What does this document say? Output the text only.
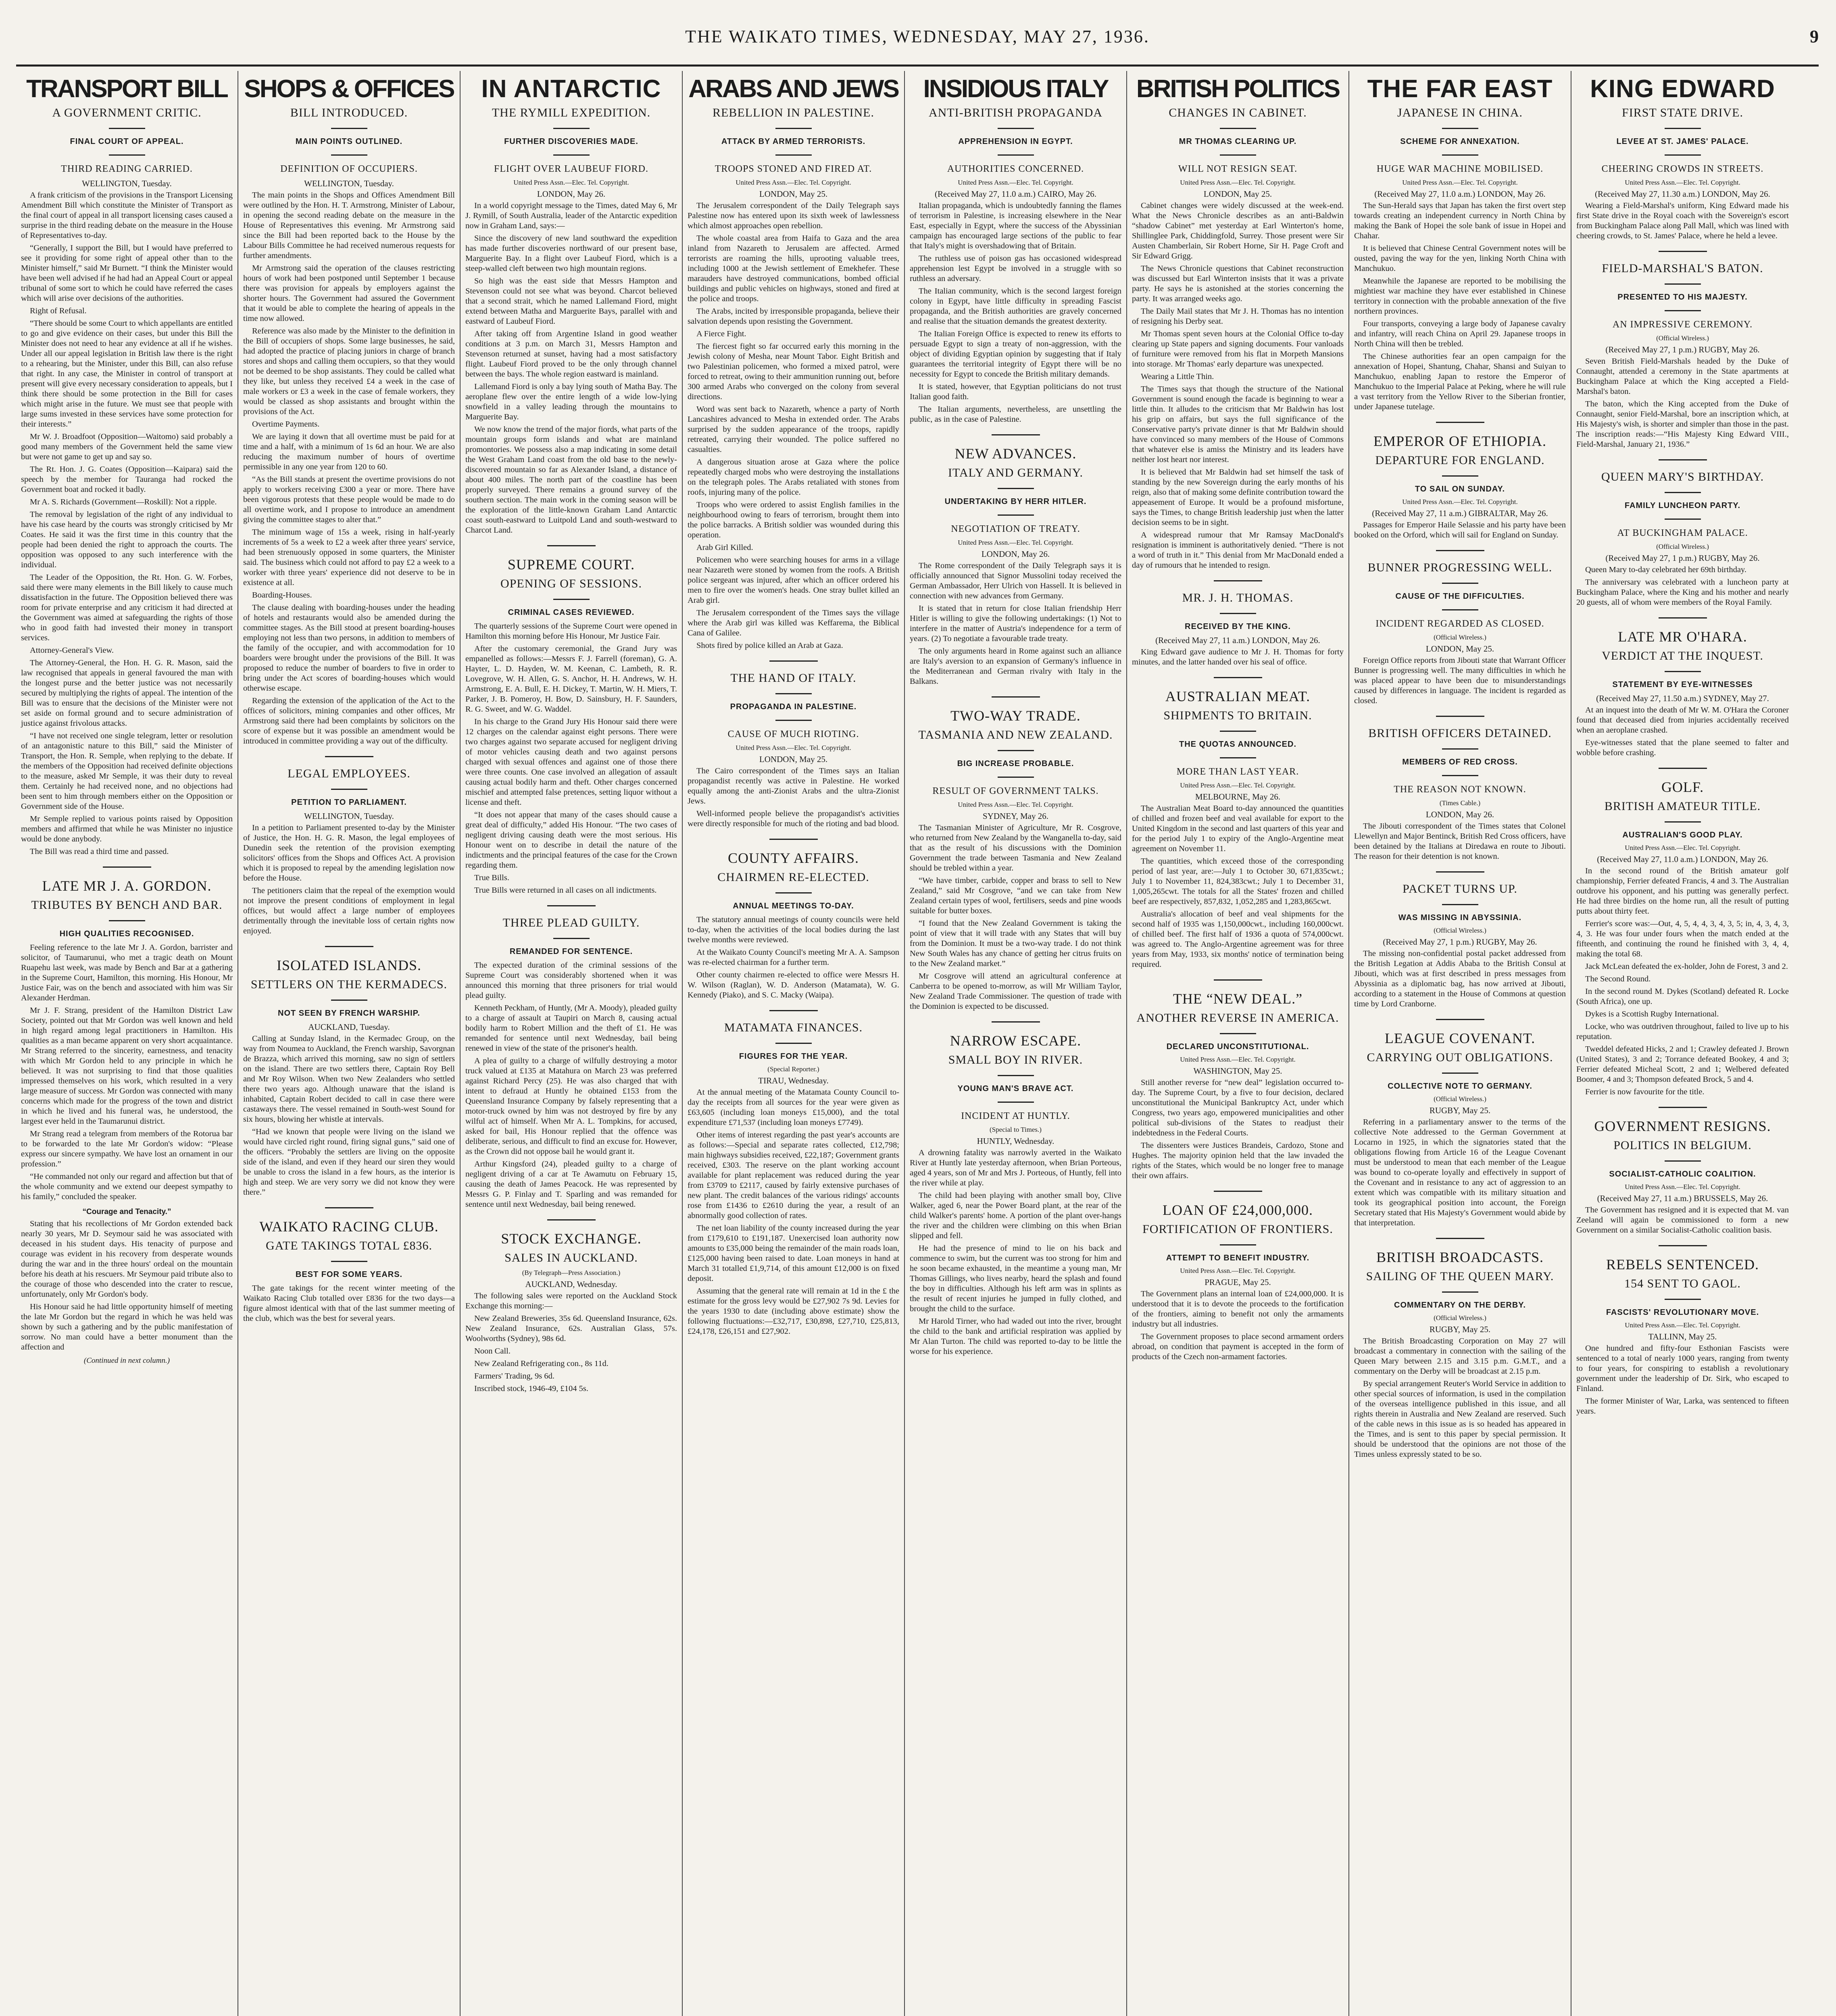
THE WAIKATO TIMES, WEDNESDAY, MAY 27, 1936.	9
TRANSPORT BILL
A GOVERNMENT CRITIC.
FINAL COURT OF APPEAL.
THIRD READING CARRIED.
WELLINGTON, Tuesday.

A frank criticism of the provisions in the Transport Licensing Amendment Bill which constitute the Minister of Transport as the final court of appeal in all transport licensing cases caused a surprise in the third reading debate on the measure in the House of Representatives to-day.

“Generally, I support the Bill, but I would have preferred to see it providing for some right of appeal other than to the Minister himself,” said Mr Burnett. “I think the Minister would have been well advised if he had had an Appeal Court or appeal tribunal of some sort to which he could have referred the cases which will arise over decisions of the authorities.

Right of Refusal.

“There should be some Court to which appellants are entitled to go and give evidence on their cases, but under this Bill the Minister does not need to hear any evidence at all if he wishes. Under all our appeal legislation in British law there is the right to a rehearing, but the Minister, under this Bill, can also refuse that right. In any case, the Minister in control of transport at present will give every necessary consideration to appeals, but I think there should be some protection in the Bill for cases which might arise in the future. We must see that people with large sums invested in these services have some protection for their interests.”

Mr W. J. Broadfoot (Opposition—Waitomo) said probably a good many members of the Government held the same view but were not game to get up and say so.

The Rt. Hon. J. G. Coates (Opposition—Kaipara) said the speech by the member for Tauranga had rocked the Government boat and rocked it badly.

Mr A. S. Richards (Government—Roskill): Not a ripple.

The removal by legislation of the right of any individual to have his case heard by the courts was strongly criticised by Mr Coates. He said it was the first time in this country that the people had been denied the right to approach the courts. The opposition was opposed to any such interference with the individual.

The Leader of the Opposition, the Rt. Hon. G. W. Forbes, said there were many elements in the Bill likely to cause much dissatisfaction in the future. The Opposition believed there was room for private enterprise and any criticism it had directed at the Government was aimed at safeguarding the rights of those who in good faith had invested their money in transport services.

Attorney-General's View.

The Attorney-General, the Hon. H. G. R. Mason, said the law recognised that appeals in general favoured the man with the longest purse and the better justice was not necessarily secured by multiplying the rights of appeal. The intention of the Bill was to ensure that the decisions of the Minister were not set aside on formal ground and to secure administration of justice against frivolous attacks.

“I have not received one single telegram, letter or resolution of an antagonistic nature to this Bill,” said the Minister of Transport, the Hon. R. Semple, when replying to the debate. If the members of the Opposition had received definite objections to the measure, asked Mr Semple, it was their duty to reveal them. Certainly he had received none, and no objections had been sent to him through members either on the Opposition or Government side of the House.

Mr Semple replied to various points raised by Opposition members and affirmed that while he was Minister no injustice would be done anybody.

The Bill was read a third time and passed.

LATE MR J. A. GORDON.
TRIBUTES BY BENCH AND BAR.
HIGH QUALITIES RECOGNISED.

Feeling reference to the late Mr J. A. Gordon, barrister and solicitor, of Taumarunui, who met a tragic death on Mount Ruapehu last week, was made by Bench and Bar at a gathering in the Supreme Court, Hamilton, this morning. His Honour, Mr Justice Fair, was on the bench and associated with him was Sir Alexander Herdman.

Mr J. F. Strang, president of the Hamilton District Law Society, pointed out that Mr Gordon was well known and held in high regard among legal practitioners in Hamilton. His qualities as a man became apparent on very short acquaintance. Mr Strang referred to the sincerity, earnestness, and tenacity with which Mr Gordon held to any principle in which he believed. It was not surprising to find that those qualities impressed themselves on his work, which resulted in a very large measure of success. Mr Gordon was connected with many concerns which made for the progress of the town and district in which he lived and his funeral was, he understood, the largest ever held in the Taumarunui district.

Mr Strang read a telegram from members of the Rotorua bar to be forwarded to the late Mr Gordon's widow: “Please express our sincere sympathy. We have lost an ornament in our profession.”

“He commanded not only our regard and affection but that of the whole community and we extend our deepest sympathy to his family,” concluded the speaker.

“Courage and Tenacity.”

Stating that his recollections of Mr Gordon extended back nearly 30 years, Mr D. Seymour said he was associated with deceased in his student days. His tenacity of purpose and courage was evident in his recovery from desperate wounds during the war and in the three hours' ordeal on the mountain before his death at his rescuers. Mr Seymour paid tribute also to the courage of those who descended into the crater to rescue, unfortunately, only Mr Gordon's body.

His Honour said he had little opportunity himself of meeting the late Mr Gordon but the regard in which he was held was shown by such a gathering and by the public manifestation of sorrow. No man could have a better monument than the affection and

(Continued in next column.)
SHOPS & OFFICES
BILL INTRODUCED.
MAIN POINTS OUTLINED.
DEFINITION OF OCCUPIERS.
WELLINGTON, Tuesday.

The main points in the Shops and Offices Amendment Bill were outlined by the Hon. H. T. Armstrong, Minister of Labour, in opening the second reading debate on the measure in the House of Representatives this evening. Mr Armstrong said since the Bill had been reported back to the House by the Labour Bills Committee he had received numerous requests for further amendments.

Mr Armstrong said the operation of the clauses restricting hours of work had been postponed until September 1 because there was provision for appeals by employers against the shorter hours. The Government had assured the Government that it would be able to complete the hearing of appeals in the time now allowed.

Reference was also made by the Minister to the definition in the Bill of occupiers of shops. Some large businesses, he said, had adopted the practice of placing juniors in charge of branch stores and shops and calling them occupiers, so that they would not be deemed to be shop assistants. They could be called what they like, but unless they received £4 a week in the case of male workers or £3 a week in the case of female workers, they would be classed as shop assistants and brought within the provisions of the Act.

Overtime Payments.

We are laying it down that all overtime must be paid for at time and a half, with a minimum of 1s 6d an hour. We are also reducing the maximum number of hours of overtime permissible in any one year from 120 to 60.

“As the Bill stands at present the overtime provisions do not apply to workers receiving £300 a year or more. There have been vigorous protests that these people would be made to do all overtime work, and I propose to introduce an amendment giving the committee stages to alter that.”

The minimum wage of 15s a week, rising in half-yearly increments of 5s a week to £2 a week after three years' service, had been strenuously opposed in some quarters, the Minister said. The business which could not afford to pay £2 a week to a worker with three years' experience did not deserve to be in existence at all.

Boarding-Houses.

The clause dealing with boarding-houses under the heading of hotels and restaurants would also be amended during the committee stages. As the Bill stood at present boarding-houses employing not less than two persons, in addition to members of the family of the occupier, and with accommodation for 10 boarders were brought under the provisions of the Bill. It was proposed to reduce the number of boarders to five in order to bring under the Act scores of boarding-houses which would otherwise escape.

Regarding the extension of the application of the Act to the offices of solicitors, mining companies and other offices, Mr Armstrong said there had been complaints by solicitors on the score of expense but it was possible an amendment would be introduced in committee providing a way out of the difficulty.

LEGAL EMPLOYEES.
PETITION TO PARLIAMENT.
WELLINGTON, Tuesday.

In a petition to Parliament presented to-day by the Minister of Justice, the Hon. H. G. R. Mason, the legal employees of Dunedin seek the retention of the provision exempting solicitors' offices from the Shops and Offices Act. A provision which it is proposed to repeal by the amending legislation now before the House.

The petitioners claim that the repeal of the exemption would not improve the present conditions of employment in legal offices, but would affect a large number of employees detrimentally through the inevitable loss of certain rights now enjoyed.

ISOLATED ISLANDS.
SETTLERS ON THE KERMADECS.
NOT SEEN BY FRENCH WARSHIP.
AUCKLAND, Tuesday.

Calling at Sunday Island, in the Kermadec Group, on the way from Noumea to Auckland, the French warship, Savorgnan de Brazza, which arrived this morning, saw no sign of settlers on the island. There are two settlers there, Captain Roy Bell and Mr Roy Wilson. When two New Zealanders who settled there two years ago. Although unaware that the island is inhabited, Captain Robert decided to call in case there were castaways there. The vessel remained in South-west Sound for six hours, blowing her whistle at intervals.

“Had we known that people were living on the island we would have circled right round, firing signal guns,” said one of the officers. “Probably the settlers are living on the opposite side of the island, and even if they heard our siren they would be unable to cross the island in a few hours, as the interior is high and steep. We are very sorry we did not know they were there.”

WAIKATO RACING CLUB.
GATE TAKINGS TOTAL £836.
BEST FOR SOME YEARS.

The gate takings for the recent winter meeting of the Waikato Racing Club totalled over £836 for the two days—a figure almost identical with that of the last summer meeting of the club, which was the best for several years.

IN ANTARCTIC
THE RYMILL EXPEDITION.
FURTHER DISCOVERIES MADE.
FLIGHT OVER LAUBEUF FIORD.
United Press Assn.—Elec. Tel. Copyright.
LONDON, May 26.

In a world copyright message to the Times, dated May 6, Mr J. Rymill, of South Australia, leader of the Antarctic expedition now in Graham Land, says:—

Since the discovery of new land southward the expedition has made further discoveries northward of our present base, Marguerite Bay. In a flight over Laubeuf Fiord, which is a steep-walled cleft between two high mountain regions.

So high was the east side that Messrs Hampton and Stevenson could not see what was beyond. Charcot believed that a second strait, which he named Lallemand Fiord, might extend between Matha and Marguerite Bays, parallel with and eastward of Laubeuf Fiord.

After taking off from Argentine Island in good weather conditions at 3 p.m. on March 31, Messrs Hampton and Stevenson returned at sunset, having had a most satisfactory flight. Laubeuf Fiord proved to be the only through channel between the bays. The whole region eastward is mainland.

Lallemand Fiord is only a bay lying south of Matha Bay. The aeroplane flew over the entire length of a wide low-lying snowfield in a valley leading through the mountains to Marguerite Bay.

We now know the trend of the major fiords, what parts of the mountain groups form islands and what are mainland promontories. We possess also a map indicating in some detail the West Graham Land coast from the old base to the newly-discovered mountain so far as Alexander Island, a distance of about 400 miles. The north part of the coastline has been properly surveyed. There remains a ground survey of the southern section. The main work in the coming season will be the exploration of the little-known Graham Land Antarctic coast south-eastward to Luitpold Land and south-westward to Charcot Land.

SUPREME COURT.
OPENING OF SESSIONS.
CRIMINAL CASES REVIEWED.

The quarterly sessions of the Supreme Court were opened in Hamilton this morning before His Honour, Mr Justice Fair.

After the customary ceremonial, the Grand Jury was empanelled as follows:—Messrs F. J. Farrell (foreman), G. A. Hayter, L. D. Hayden, W. M. Keenan, C. Lambeth, R. R. Lovegrove, W. H. Allen, G. S. Anchor, H. H. Andrews, W. H. Armstrong, E. A. Bull, E. H. Dickey, T. Martin, W. H. Miers, T. Parker, J. B. Pomeroy, H. Bow, D. Sainsbury, H. F. Saunders, R. G. Sweet, and W. G. Waddel.

In his charge to the Grand Jury His Honour said there were 12 charges on the calendar against eight persons. There were two charges against two separate accused for negligent driving of motor vehicles causing death and two against persons charged with sexual offences and against one of those there were three counts. One case involved an allegation of assault causing actual bodily harm and theft. Other charges concerned mischief and attempted false pretences, setting liquor without a license and theft.

“It does not appear that many of the cases should cause a great deal of difficulty,” added His Honour. “The two cases of negligent driving causing death were the most serious. His Honour went on to describe in detail the nature of the indictments and the principal features of the case for the Crown regarding them.

True Bills.

True Bills were returned in all cases on all indictments.

THREE PLEAD GUILTY.
REMANDED FOR SENTENCE.

The expected duration of the criminal sessions of the Supreme Court was considerably shortened when it was announced this morning that three prisoners for trial would plead guilty.

Kenneth Peckham, of Huntly, (Mr A. Moody), pleaded guilty to a charge of assault at Taupiri on March 8, causing actual bodily harm to Robert Million and the theft of £1. He was remanded for sentence until next Wednesday, bail being renewed in view of the state of the prisoner's health.

A plea of guilty to a charge of wilfully destroying a motor truck valued at £135 at Matahura on March 23 was preferred against Richard Percy (25). He was also charged that with intent to defraud at Huntly he obtained £153 from the Queensland Insurance Company by falsely representing that a motor-truck owned by him was not destroyed by fire by any wilful act of himself. When Mr A. L. Tompkins, for accused, asked for bail, His Honour replied that the offence was deliberate, serious, and difficult to find an excuse for. However, as the Crown did not oppose bail he would grant it.

Arthur Kingsford (24), pleaded guilty to a charge of negligent driving of a car at Te Awamutu on February 15, causing the death of James Peacock. He was represented by Messrs G. P. Finlay and T. Sparling and was remanded for sentence until next Wednesday, bail being renewed.

STOCK EXCHANGE.
SALES IN AUCKLAND.
(By Telegraph—Press Association.)
AUCKLAND, Wednesday.

The following sales were reported on the Auckland Stock Exchange this morning:—

New Zealand Breweries, 35s 6d. Queensland Insurance, 62s. New Zealand Insurance, 62s. Australian Glass, 57s. Woolworths (Sydney), 98s 6d.

Noon Call.

New Zealand Refrigerating con., 8s 11d.

Farmers' Trading, 9s 6d.

Inscribed stock, 1946-49, £104 5s.

ARABS AND JEWS
REBELLION IN PALESTINE.
ATTACK BY ARMED TERRORISTS.
TROOPS STONED AND FIRED AT.
United Press Assn.—Elec. Tel. Copyright.
LONDON, May 25.

The Jerusalem correspondent of the Daily Telegraph says Palestine now has entered upon its sixth week of lawlessness which almost approaches open rebellion.

The whole coastal area from Haifa to Gaza and the area inland from Nazareth to Jerusalem are affected. Armed terrorists are roaming the hills, uprooting valuable trees, including 1000 at the Jewish settlement of Emekhefer. These marauders have destroyed communications, bombed official buildings and public vehicles on highways, stoned and fired at the police and troops.

The Arabs, incited by irresponsible propaganda, believe their salvation depends upon resisting the Government.

A Fierce Fight.

The fiercest fight so far occurred early this morning in the Jewish colony of Mesha, near Mount Tabor. Eight British and two Palestinian policemen, who formed a mixed patrol, were forced to retreat, owing to their ammunition running out, before 300 armed Arabs who converged on the colony from several directions.

Word was sent back to Nazareth, whence a party of North Lancashires advanced to Mesha in extended order. The Arabs surprised by the sudden appearance of the troops, rapidly retreated, carrying their wounded. The police suffered no casualties.

A dangerous situation arose at Gaza where the police repeatedly charged mobs who were destroying the installations on the telegraph poles. The Arabs retaliated with stones from roofs, injuring many of the police.

Troops who were ordered to assist English families in the neighbourhood owing to fears of terrorism, brought them into the police barracks. A British soldier was wounded during this operation.

Arab Girl Killed.

Policemen who were searching houses for arms in a village near Nazareth were stoned by women from the roofs. A British police sergeant was injured, after which an officer ordered his men to fire over the women's heads. One stray bullet killed an Arab girl.

The Jerusalem correspondent of the Times says the village where the Arab girl was killed was Keffarema, the Biblical Cana of Galilee.

Shots fired by police killed an Arab at Gaza.

THE HAND OF ITALY.
PROPAGANDA IN PALESTINE.
CAUSE OF MUCH RIOTING.
United Press Assn.—Elec. Tel. Copyright.
LONDON, May 25.

The Cairo correspondent of the Times says an Italian propagandist recently was active in Palestine. He worked equally among the anti-Zionist Arabs and the ultra-Zionist Jews.

Well-informed people believe the propagandist's activities were directly responsible for much of the rioting and bad blood.

COUNTY AFFAIRS.
CHAIRMEN RE-ELECTED.
ANNUAL MEETINGS TO-DAY.

The statutory annual meetings of county councils were held to-day, when the activities of the local bodies during the last twelve months were reviewed.

At the Waikato County Council's meeting Mr A. A. Sampson was re-elected chairman for a further term.

Other county chairmen re-elected to office were Messrs H. W. Wilson (Raglan), W. D. Anderson (Matamata), W. G. Kennedy (Piako), and S. C. Macky (Waipa).

MATAMATA FINANCES.
FIGURES FOR THE YEAR.
(Special Reporter.)
TIRAU, Wednesday.

At the annual meeting of the Matamata County Council to-day the receipts from all sources for the year were given as £63,605 (including loan moneys £15,000), and the total expenditure £71,537 (including loan moneys £7749).

Other items of interest regarding the past year's accounts are as follows:—Special and separate rates collected, £12,798; main highways subsidies received, £22,187; Government grants received, £303. The reserve on the plant working account available for plant replacement was reduced during the year from £3709 to £2117, caused by fairly extensive purchases of new plant. The credit balances of the various ridings' accounts rose from £1436 to £2610 during the year, a result of an abnormally good collection of rates.

The net loan liability of the county increased during the year from £179,610 to £191,187. Unexercised loan authority now amounts to £35,000 being the remainder of the main roads loan, £125,000 having been raised to date. Loan moneys in hand at March 31 totalled £1,9,714, of this amount £12,000 is on fixed deposit.

Assuming that the general rate will remain at 1d in the £ the estimate for the gross levy would be £27,902 7s 9d. Levies for the years 1930 to date (including above estimate) show the following fluctuations:—£32,717, £30,898, £27,710, £25,813, £24,178, £26,151 and £27,902.

INSIDIOUS ITALY
ANTI-BRITISH PROPAGANDA
APPREHENSION IN EGYPT.
AUTHORITIES CONCERNED.
United Press Assn.—Elec. Tel. Copyright.
(Received May 27, 11.0 a.m.) CAIRO, May 26.

Italian propaganda, which is undoubtedly fanning the flames of terrorism in Palestine, is increasing elsewhere in the Near East, especially in Egypt, where the success of the Abyssinian campaign has encouraged large sections of the public to fear that Italy's might is overshadowing that of Britain.

The ruthless use of poison gas has occasioned widespread apprehension lest Egypt be involved in a struggle with so ruthless an adversary.

The Italian community, which is the second largest foreign colony in Egypt, have little difficulty in spreading Fascist propaganda, and the British authorities are gravely concerned and realise that the situation demands the greatest dexterity.

The Italian Foreign Office is expected to renew its efforts to persuade Egypt to sign a treaty of non-aggression, with the object of dividing Egyptian opinion by suggesting that if Italy guarantees the territorial integrity of Egypt there will be no necessity for Egypt to concede the British military demands.

It is stated, however, that Egyptian politicians do not trust Italian good faith.

The Italian arguments, nevertheless, are unsettling the public, as in the case of Palestine.

NEW ADVANCES.
ITALY AND GERMANY.
UNDERTAKING BY HERR HITLER.
NEGOTIATION OF TREATY.
United Press Assn.—Elec. Tel. Copyright.
LONDON, May 26.

The Rome correspondent of the Daily Telegraph says it is officially announced that Signor Mussolini today received the German Ambassador, Herr Ulrich von Hassell. It is believed in connection with new advances from Germany.

It is stated that in return for close Italian friendship Herr Hitler is willing to give the following undertakings: (1) Not to interfere in the matter of Austria's independence for a term of years. (2) To negotiate a favourable trade treaty.

The only arguments heard in Rome against such an alliance are Italy's aversion to an expansion of Germany's influence in the Mediterranean and German rivalry with Italy in the Balkans.

TWO-WAY TRADE.
TASMANIA AND NEW ZEALAND.
BIG INCREASE PROBABLE.
RESULT OF GOVERNMENT TALKS.
United Press Assn.—Elec. Tel. Copyright.
SYDNEY, May 26.

The Tasmanian Minister of Agriculture, Mr R. Cosgrove, who returned from New Zealand by the Wanganella to-day, said that as the result of his discussions with the Dominion Government the trade between Tasmania and New Zealand should be trebled within a year.

“We have timber, carbide, copper and brass to sell to New Zealand,” said Mr Cosgrove, “and we can take from New Zealand certain types of wool, fertilisers, seeds and pine woods suitable for butter boxes.

“I found that the New Zealand Government is taking the point of view that it will trade with any States that will buy from the Dominion. It must be a two-way trade. I do not think New South Wales has any chance of getting her citrus fruits on to the New Zealand market.”

Mr Cosgrove will attend an agricultural conference at Canberra to be opened to-morrow, as will Mr William Taylor, New Zealand Trade Commissioner. The question of trade with the Dominion is expected to be discussed.

NARROW ESCAPE.
SMALL BOY IN RIVER.
YOUNG MAN'S BRAVE ACT.
INCIDENT AT HUNTLY.
(Special to Times.)
HUNTLY, Wednesday.

A drowning fatality was narrowly averted in the Waikato River at Huntly late yesterday afternoon, when Brian Porteous, aged 4 years, son of Mr and Mrs J. Porteous, of Huntly, fell into the river while at play.

The child had been playing with another small boy, Clive Walker, aged 6, near the Power Board plant, at the rear of the child Walker's parents' home. A portion of the plant over-hangs the river and the children were climbing on this when Brian slipped and fell.

He had the presence of mind to lie on his back and commence to swim, but the current was too strong for him and he soon became exhausted, in the meantime a young man, Mr Thomas Gillings, who lives nearby, heard the splash and found the boy in difficulties. Although his left arm was in splints as the result of recent injuries he jumped in fully clothed, and brought the child to the surface.

Mr Harold Tirner, who had waded out into the river, brought the child to the bank and artificial respiration was applied by Mr Alan Turton. The child was reported to-day to be little the worse for his experience.

BRITISH POLITICS
CHANGES IN CABINET.
MR THOMAS CLEARING UP.
WILL NOT RESIGN SEAT.
United Press Assn.—Elec. Tel. Copyright.
LONDON, May 25.

Cabinet changes were widely discussed at the week-end. What the News Chronicle describes as an anti-Baldwin “shadow Cabinet” met yesterday at Earl Winterton's home, Shillinglee Park, Chiddingfold, Surrey. Those present were Sir Austen Chamberlain, Sir Robert Horne, Sir H. Page Croft and Sir Edward Grigg.

The News Chronicle questions that Cabinet reconstruction was discussed but Earl Winterton insists that it was a private party. He says he is astonished at the stories concerning the party. It was arranged weeks ago.

The Daily Mail states that Mr J. H. Thomas has no intention of resigning his Derby seat.

Mr Thomas spent seven hours at the Colonial Office to-day clearing up State papers and signing documents. Four vanloads of furniture were removed from his flat in Morpeth Mansions into storage. Mr Thomas' early departure was unexpected.

Wearing a Little Thin.

The Times says that though the structure of the National Government is sound enough the facade is beginning to wear a little thin. It alludes to the criticism that Mr Baldwin has lost his grip on affairs, but says the full significance of the Conservative party's private dinner is that Mr Baldwin should have convinced so many members of the House of Commons that whatever else is amiss the Ministry and its leaders have neither lost heart nor interest.

It is believed that Mr Baldwin had set himself the task of standing by the new Sovereign during the early months of his reign, also that of making some definite contribution toward the appeasement of Europe. It would be a profound misfortune, says the Times, to change British leadership just when the latter decision seems to be in sight.

A widespread rumour that Mr Ramsay MacDonald's resignation is imminent is authoritatively denied. “There is not a word of truth in it.” This denial from Mr MacDonald ended a day of rumours that he intended to resign.

MR. J. H. THOMAS.
RECEIVED BY THE KING.
(Received May 27, 11 a.m.) LONDON, May 26.

King Edward gave audience to Mr J. H. Thomas for forty minutes, and the latter handed over his seal of office.

AUSTRALIAN MEAT.
SHIPMENTS TO BRITAIN.
THE QUOTAS ANNOUNCED.
MORE THAN LAST YEAR.
United Press Assn.—Elec. Tel. Copyright.
MELBOURNE, May 26.

The Australian Meat Board to-day announced the quantities of chilled and frozen beef and veal available for export to the United Kingdom in the second and last quarters of this year and for the period July 1 to expiry of the Anglo-Argentine meat agreement on November 11.

The quantities, which exceed those of the corresponding period of last year, are:—July 1 to October 30, 671,835cwt.; July 1 to November 11, 824,383cwt.; July 1 to December 31, 1,005,265cwt. The totals for all the States' frozen and chilled beef are respectively, 857,832, 1,052,285 and 1,283,865cwt.

Australia's allocation of beef and veal shipments for the second half of 1935 was 1,150,000cwt., including 160,000cwt. of chilled beef. The first half of 1936 a quota of 574,000cwt. was agreed to. The Anglo-Argentine agreement was for three years from May, 1933, six months' notice of termination being required.

THE “NEW DEAL.”
ANOTHER REVERSE IN AMERICA.
DECLARED UNCONSTITUTIONAL.
United Press Assn.—Elec. Tel. Copyright.
WASHINGTON, May 25.

Still another reverse for “new deal” legislation occurred to-day. The Supreme Court, by a five to four decision, declared unconstitutional the Municipal Bankruptcy Act, under which Congress, two years ago, empowered municipalities and other political sub-divisions of the States to readjust their indebtedness in the Federal Courts.

The dissenters were Justices Brandeis, Cardozo, Stone and Hughes. The majority opinion held that the law invaded the rights of the States, which would be no longer free to manage their own affairs.

LOAN OF £24,000,000.
FORTIFICATION OF FRONTIERS.
ATTEMPT TO BENEFIT INDUSTRY.
United Press Assn.—Elec. Tel. Copyright.
PRAGUE, May 25.

The Government plans an internal loan of £24,000,000. It is understood that it is to devote the proceeds to the fortification of the frontiers, aiming to benefit not only the armaments industry but all industries.

The Government proposes to place second armament orders abroad, on condition that payment is accepted in the form of products of the Czech non-armament factories.

THE FAR EAST
JAPANESE IN CHINA.
SCHEME FOR ANNEXATION.
HUGE WAR MACHINE MOBILISED.
United Press Assn.—Elec. Tel. Copyright.
(Received May 27, 11.0 a.m.) LONDON, May 26.

The Sun-Herald says that Japan has taken the first overt step towards creating an independent currency in North China by making the Bank of Hopei the sole bank of issue in Hopei and Chahar.

It is believed that Chinese Central Government notes will be ousted, paving the way for the yen, linking North China with Manchukuo.

Meanwhile the Japanese are reported to be mobilising the mightiest war machine they have ever established in Chinese territory in connection with the probable annexation of the five northern provinces.

Four transports, conveying a large body of Japanese cavalry and infantry, will reach China on April 29. Japanese troops in North China will then be trebled.

The Chinese authorities fear an open campaign for the annexation of Hopei, Shantung, Chahar, Shansi and Suiyan to Manchukuo, enabling Japan to restore the Emperor of Manchukuo to the Imperial Palace at Peking, where he will rule a vast territory from the Yellow River to the Siberian frontier, under Japanese tutelage.

EMPEROR OF ETHIOPIA.
DEPARTURE FOR ENGLAND.
TO SAIL ON SUNDAY.
United Press Assn.—Elec. Tel. Copyright.
(Received May 27, 11 a.m.) GIBRALTAR, May 26.

Passages for Emperor Haile Selassie and his party have been booked on the Orford, which will sail for England on Sunday.

BUNNER PROGRESSING WELL.
CAUSE OF THE DIFFICULTIES.
INCIDENT REGARDED AS CLOSED.
(Official Wireless.)
LONDON, May 25.

Foreign Office reports from Jibouti state that Warrant Officer Bunner is progressing well. The many difficulties in which he was placed appear to have been due to misunderstandings caused by differences in language. The incident is regarded as closed.

BRITISH OFFICERS DETAINED.
MEMBERS OF RED CROSS.
THE REASON NOT KNOWN.
(Times Cable.)
LONDON, May 26.

The Jibouti correspondent of the Times states that Colonel Llewellyn and Major Bentinck, British Red Cross officers, have been detained by the Italians at Diredawa en route to Jibouti. The reason for their detention is not known.

PACKET TURNS UP.
WAS MISSING IN ABYSSINIA.
(Official Wireless.)
(Received May 27, 1 p.m.) RUGBY, May 26.

The missing non-confidential postal packet addressed from the British Legation at Addis Ababa to the British Consul at Jibouti, which was at first described in press messages from Abyssinia as a diplomatic bag, has now arrived at Jibouti, according to a statement in the House of Commons at question time by Lord Cranborne.

LEAGUE COVENANT.
CARRYING OUT OBLIGATIONS.
COLLECTIVE NOTE TO GERMANY.
(Official Wireless.)
RUGBY, May 25.

Referring in a parliamentary answer to the terms of the collective Note addressed to the German Government at Locarno in 1925, in which the signatories stated that the obligations flowing from Article 16 of the League Covenant must be understood to mean that each member of the League was bound to co-operate loyally and effectively in support of the Covenant and in resistance to any act of aggression to an extent which was compatible with its military situation and took its geographical position into account, the Foreign Secretary stated that His Majesty's Government would abide by that interpretation.

BRITISH BROADCASTS.
SAILING OF THE QUEEN MARY.
COMMENTARY ON THE DERBY.
(Official Wireless.)
RUGBY, May 25.

The British Broadcasting Corporation on May 27 will broadcast a commentary in connection with the sailing of the Queen Mary between 2.15 and 3.15 p.m. G.M.T., and a commentary on the Derby will be broadcast at 2.15 p.m.

By special arrangement Reuter's World Service in addition to other special sources of information, is used in the compilation of the overseas intelligence published in this issue, and all rights therein in Australia and New Zealand are reserved. Such of the cable news in this issue as is so headed has appeared in the Times, and is sent to this paper by special permission. It should be understood that the opinions are not those of the Times unless expressly stated to be so.

KING EDWARD
FIRST STATE DRIVE.
LEVEE AT ST. JAMES' PALACE.
CHEERING CROWDS IN STREETS.
United Press Assn.—Elec. Tel. Copyright.
(Received May 27, 11.30 a.m.) LONDON, May 26.

Wearing a Field-Marshal's uniform, King Edward made his first State drive in the Royal coach with the Sovereign's escort from Buckingham Palace along Pall Mall, which was lined with cheering crowds, to St. James' Palace, where he held a levee.

FIELD-MARSHAL'S BATON.
PRESENTED TO HIS MAJESTY.
AN IMPRESSIVE CEREMONY.
(Official Wireless.)
(Received May 27, 1 p.m.) RUGBY, May 26.

Seven British Field-Marshals headed by the Duke of Connaught, attended a ceremony in the State apartments at Buckingham Palace at which the King accepted a Field-Marshal's baton.

The baton, which the King accepted from the Duke of Connaught, senior Field-Marshal, bore an inscription which, at His Majesty's wish, is shorter and simpler than those in the past. The inscription reads:—“His Majesty King Edward VIII., Field-Marshal, January 21, 1936.”

QUEEN MARY'S BIRTHDAY.
FAMILY LUNCHEON PARTY.
AT BUCKINGHAM PALACE.
(Official Wireless.)
(Received May 27, 1 p.m.) RUGBY, May 26.

Queen Mary to-day celebrated her 69th birthday.

The anniversary was celebrated with a luncheon party at Buckingham Palace, where the King and his mother and nearly 20 guests, all of whom were members of the Royal Family.

LATE MR O'HARA.
VERDICT AT THE INQUEST.
STATEMENT BY EYE-WITNESSES
(Received May 27, 11.50 a.m.) SYDNEY, May 27.

At an inquest into the death of Mr W. M. O'Hara the Coroner found that deceased died from injuries accidentally received when an aeroplane crashed.

Eye-witnesses stated that the plane seemed to falter and wobble before crashing.

GOLF.
BRITISH AMATEUR TITLE.
AUSTRALIAN'S GOOD PLAY.
United Press Assn.—Elec. Tel. Copyright.
(Received May 27, 11.0 a.m.) LONDON, May 26.

In the second round of the British amateur golf championship, Ferrier defeated Francis, 4 and 3. The Australian outdrove his opponent, and his putting was generally perfect. He had three birdies on the home run, all the result of putting putts about thirty feet.

Ferrier's score was:—Out, 4, 5, 4, 4, 3, 4, 3, 5; in, 4, 3, 4, 3, 4, 3. He was four under fours when the match ended at the fifteenth, and continuing the round he finished with 3, 4, 4, making the total 68.

Jack McLean defeated the ex-holder, John de Forest, 3 and 2.

The Second Round.

In the second round M. Dykes (Scotland) defeated R. Locke (South Africa), one up.

Dykes is a Scottish Rugby International.

Locke, who was outdriven throughout, failed to live up to his reputation.

Tweddel defeated Hicks, 2 and 1; Crawley defeated J. Brown (United States), 3 and 2; Torrance defeated Bookey, 4 and 3; Ferrier defeated Micheal Scott, 2 and 1; Welbered defeated Boomer, 4 and 3; Thompson defeated Brock, 5 and 4.

Ferrier is now favourite for the title.

GOVERNMENT RESIGNS.
POLITICS IN BELGIUM.
SOCIALIST-CATHOLIC COALITION.
United Press Assn.—Elec. Tel. Copyright.
(Received May 27, 11 a.m.) BRUSSELS, May 26.

The Government has resigned and it is expected that M. van Zeeland will again be commissioned to form a new Government on a similar Socialist-Catholic coalition basis.

REBELS SENTENCED.
154 SENT TO GAOL.
FASCISTS' REVOLUTIONARY MOVE.
United Press Assn.—Elec. Tel. Copyright.
TALLINN, May 25.

One hundred and fifty-four Esthonian Fascists were sentenced to a total of nearly 1000 years, ranging from twenty to four years, for conspiring to establish a revolutionary government under the leadership of Dr. Sirk, who escaped to Finland.

The former Minister of War, Larka, was sentenced to fifteen years.
